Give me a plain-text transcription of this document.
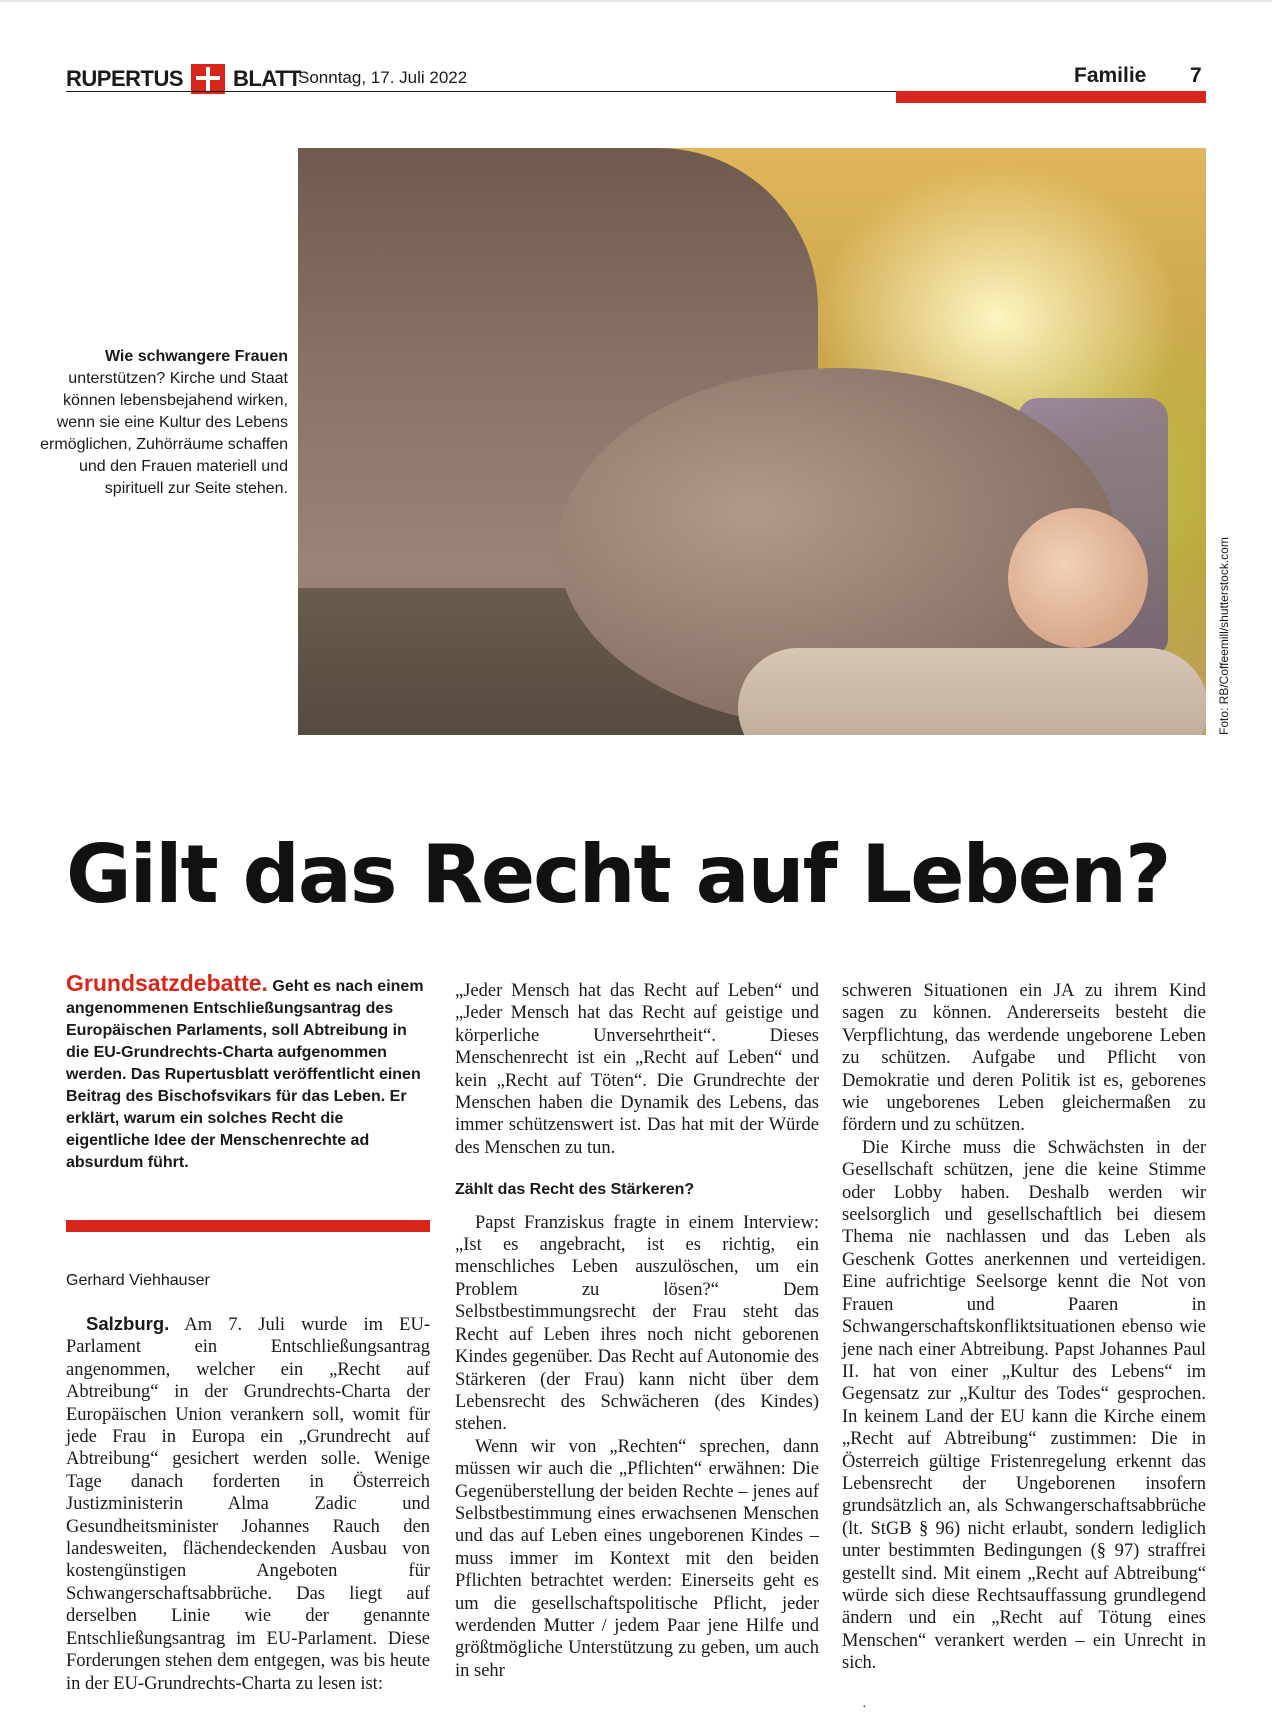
RUPERTUS BLATT
Sonntag, 17. Juli 2022	Familie 7
Foto: RB/Coffeemill/shutterstock.com
Wie schwangere Frauen
unterstützen? Kirche und Staat können lebensbejahend wirken, wenn sie eine Kultur des Lebens ermöglichen, Zuhörräume schaffen und den Frauen materiell und spirituell zur Seite stehen.
Gilt das Recht auf Leben?
Grundsatzdebatte. Geht es nach einem angenommenen Entschließungsantrag des Europäischen Parlaments, soll Abtreibung in die EU-Grundrechts-Charta aufgenommen werden. Das Rupertusblatt veröffentlicht einen Beitrag des Bischofsvikars für das Leben. Er erklärt, warum ein solches Recht die eigentliche Idee der Menschenrechte ad absurdum führt.
Gerhard Viehhauser

Salzburg. Am 7. Juli wurde im EU-Parlament ein Entschließungsantrag angenommen, welcher ein „Recht auf Abtreibung“ in der Grundrechts-Charta der Europäischen Union verankern soll, womit für jede Frau in Europa ein „Grundrecht auf Abtreibung“ gesichert werden solle. Wenige Tage danach forderten in Österreich Justizministerin Alma Zadic und Gesundheitsminister Johannes Rauch den landesweiten, flächendeckenden Ausbau von kostengünstigen Angeboten für Schwangerschaftsabbrüche. Das liegt auf derselben Linie wie der genannte Entschließungsantrag im EU-Parlament. Diese Forderungen stehen dem entgegen, was bis heute in der EU-Grundrechts-Charta zu lesen ist:

„Jeder Mensch hat das Recht auf Leben“ und „Jeder Mensch hat das Recht auf geistige und körperliche Unversehrtheit“. Dieses Menschenrecht ist ein „Recht auf Leben“ und kein „Recht auf Töten“. Die Grundrechte der Menschen haben die Dynamik des Lebens, das immer schützenswert ist. Das hat mit der Würde des Menschen zu tun.

Zählt das Recht des Stärkeren?

Papst Franziskus fragte in einem Interview: „Ist es angebracht, ist es richtig, ein menschliches Leben auszulöschen, um ein Problem zu lösen?“ Dem Selbstbestimmungsrecht der Frau steht das Recht auf Leben ihres noch nicht geborenen Kindes gegenüber. Das Recht auf Autonomie des Stärkeren (der Frau) kann nicht über dem Lebensrecht des Schwächeren (des Kindes) stehen.

Wenn wir von „Rechten“ sprechen, dann müssen wir auch die „Pflichten“ erwähnen: Die Gegenüberstellung der beiden Rechte – jenes auf Selbstbestimmung eines erwachsenen Menschen und das auf Leben eines ungeborenen Kindes – muss immer im Kontext mit den beiden Pflichten betrachtet werden: Einerseits geht es um die gesellschaftspolitische Pflicht, jeder werdenden Mutter / jedem Paar jene Hilfe und größtmögliche Unterstützung zu geben, um auch in sehr

schweren Situationen ein JA zu ihrem Kind sagen zu können. Andererseits besteht die Verpflichtung, das werdende ungeborene Leben zu schützen. Aufgabe und Pflicht von Demokratie und deren Politik ist es, geborenes wie ungeborenes Leben gleichermaßen zu fördern und zu schützen.

Die Kirche muss die Schwächsten in der Gesellschaft schützen, jene die keine Stimme oder Lobby haben. Deshalb werden wir seelsorglich und gesellschaftlich bei diesem Thema nie nachlassen und das Leben als Geschenk Gottes anerkennen und verteidigen. Eine aufrichtige Seelsorge kennt die Not von Frauen und Paaren in Schwangerschaftskonfliktsituationen ebenso wie jene nach einer Abtreibung. Papst Johannes Paul II. hat von einer „Kultur des Lebens“ im Gegensatz zur „Kultur des Todes“ gesprochen. In keinem Land der EU kann die Kirche einem „Recht auf Abtreibung“ zustimmen: Die in Österreich gültige Fristenregelung erkennt das Lebensrecht der Ungeborenen insofern grundsätzlich an, als Schwangerschaftsabbrüche (lt. StGB § 96) nicht erlaubt, sondern lediglich unter bestimmten Bedingungen (§ 97) straffrei gestellt sind. Mit einem „Recht auf Abtreibung“ würde sich diese Rechtsauffassung grundlegend ändern und ein „Recht auf Tötung eines Menschen“ verankert werden – ein Unrecht in sich.

·
